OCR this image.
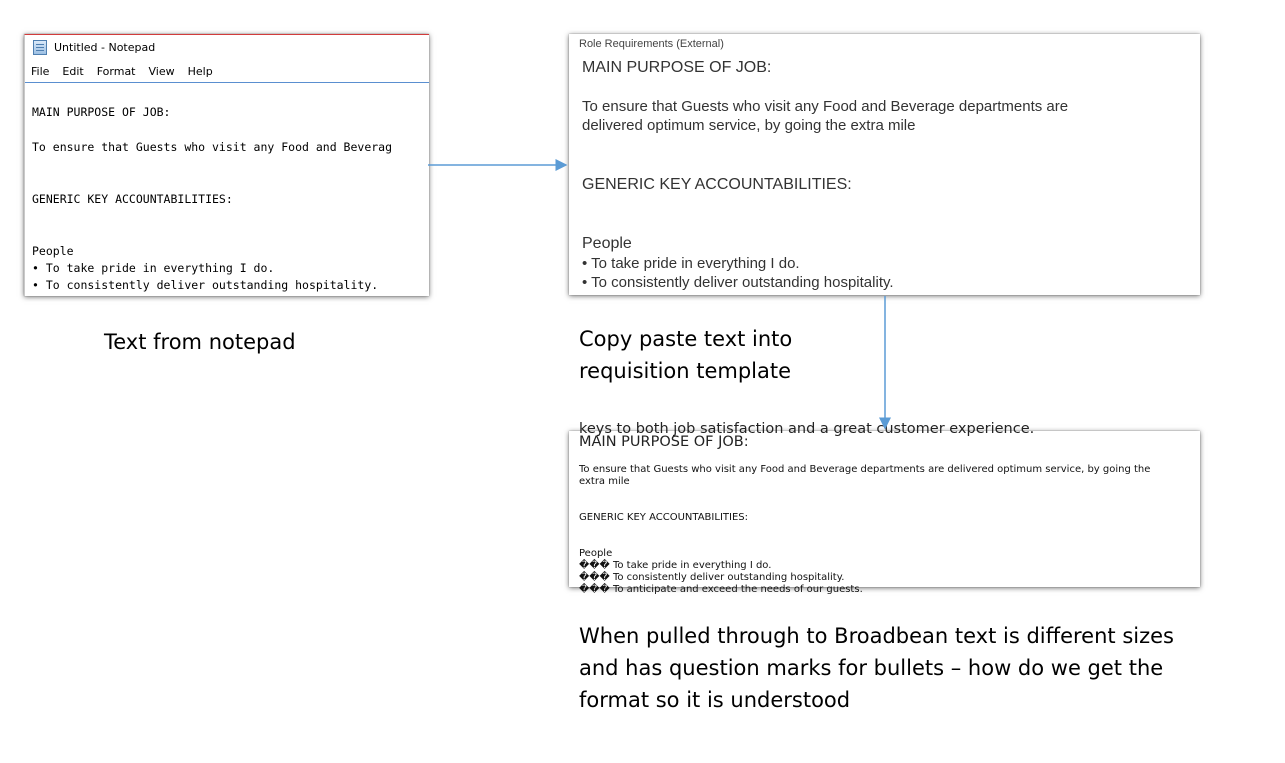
Untitled - Notepad
File Edit Format View Help

MAIN PURPOSE OF JOB:

To ensure that Guests who visit any Food and Beverag

GENERIC KEY ACCOUNTABILITIES:

People

• To take pride in everything I do.

• To consistently deliver outstanding hospitality.

Role Requirements (External)
MAIN PURPOSE OF JOB:
To ensure that Guests who visit any Food and Beverage departments are
delivered optimum service, by going the extra mile
GENERIC KEY ACCOUNTABILITIES:
People
• To take pride in everything I do.
• To consistently deliver outstanding hospitality.
keys to both job satisfaction and a great customer experience.
MAIN PURPOSE OF JOB:
To ensure that Guests who visit any Food and Beverage departments are delivered optimum service, by going the
extra mile
GENERIC KEY ACCOUNTABILITIES:
People
��� To take pride in everything I do.
��� To consistently deliver outstanding hospitality.
��� To anticipate and exceed the needs of our guests.
Text from notepad	Copy paste text into
requisition template
When pulled through to Broadbean text is different sizes
and has question marks for bullets – how do we get the
format so it is understood
